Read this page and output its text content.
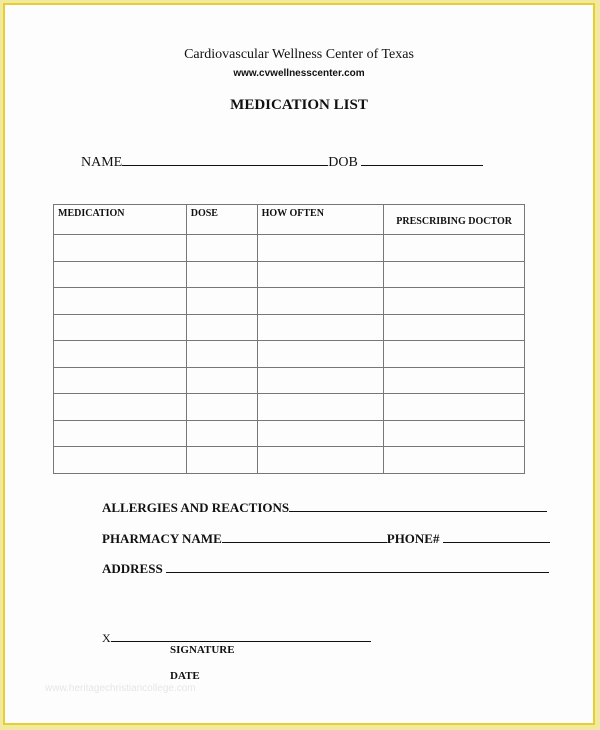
Cardiovascular Wellness Center of Texas
www.cvwellnesscenter.com
MEDICATION LIST
NAME	DOB
MEDICATION	DOSE	HOW OFTEN	PRESCRIBING DOCTOR

ALLERGIES AND REACTIONS
PHARMACY NAME	PHONE#
ADDRESS
X
SIGNATURE
DATE
www.heritagechristiancollege.com
